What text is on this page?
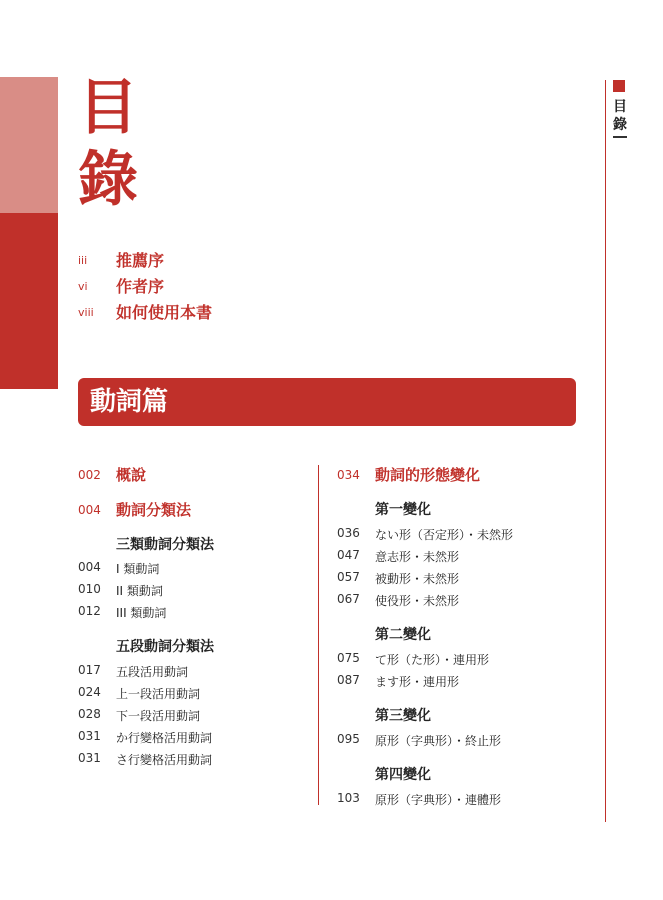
目
錄
iii 推薦序
vi 作者序
viii 如何使用本書
動詞篇
目錄
002 概說
004 動詞分類法
三類動詞分類法
004 I 類動詞
010 II 類動詞
012 III 類動詞
五段動詞分類法
017 五段活用動詞
024 上一段活用動詞
028 下一段活用動詞
031 か行變格活用動詞
031 さ行變格活用動詞
034 動詞的形態變化
第一變化
036 ない形（否定形）・未然形
047 意志形・未然形
057 被動形・未然形
067 使役形・未然形
第二變化
075 て形（た形）・連用形
087 ます形・連用形
第三變化
095 原形（字典形）・終止形
第四變化
103 原形（字典形）・連體形
